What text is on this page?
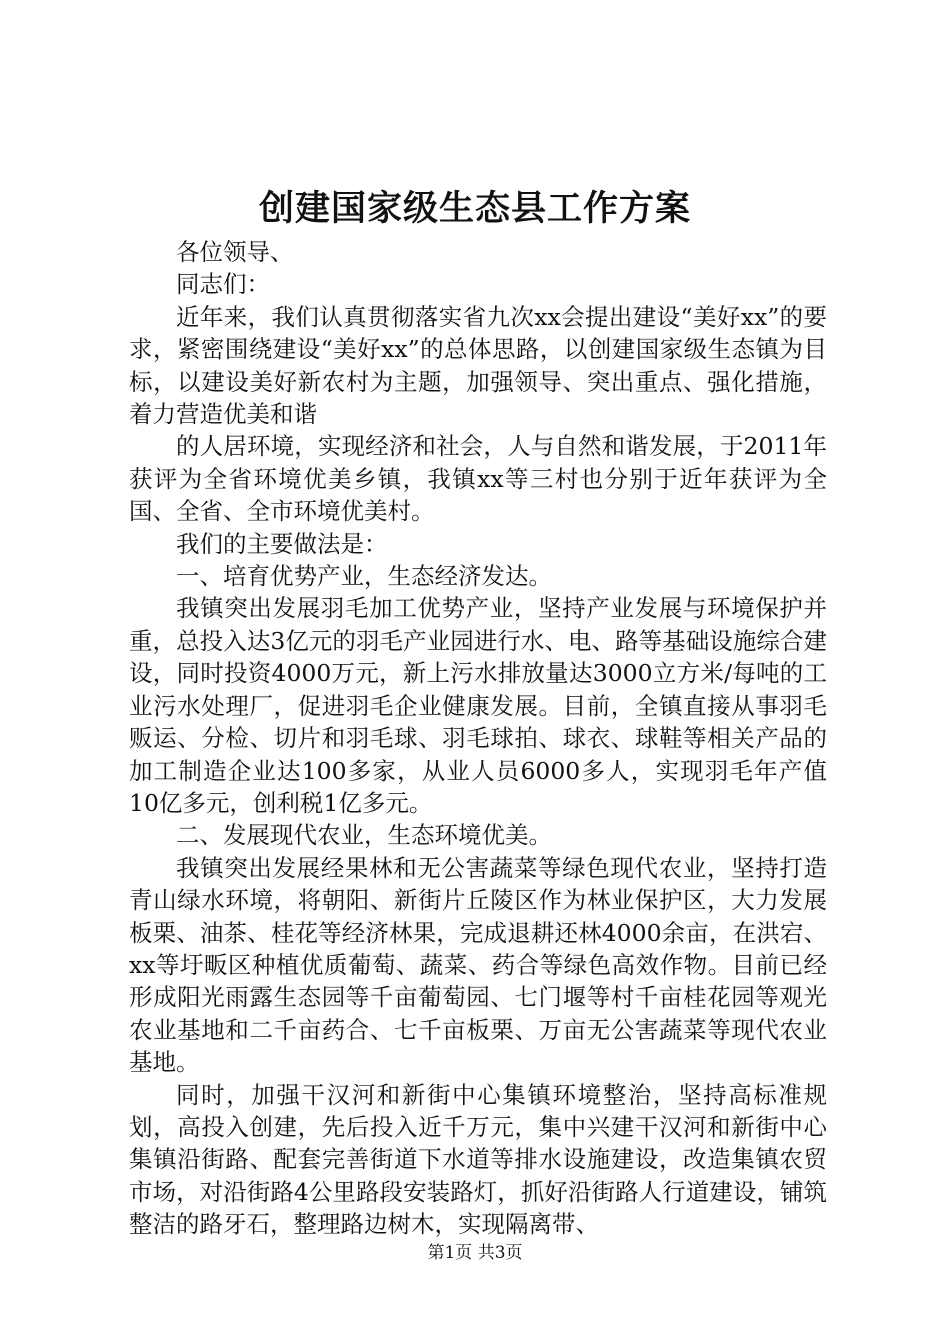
创建国家级生态县工作方案

各位领导、

同志们：

近年来，我们认真贯彻落实省九次xx会提出建设“美好xx”的要求，紧密围绕建设“美好xx”的总体思路，以创建国家级生态镇为目标，以建设美好新农村为主题，加强领导、突出重点、强化措施，着力营造优美和谐

的人居环境，实现经济和社会，人与自然和谐发展，于2011年获评为全省环境优美乡镇，我镇xx等三村也分别于近年获评为全国、全省、全市环境优美村。

我们的主要做法是：

一、培育优势产业，生态经济发达。

我镇突出发展羽毛加工优势产业，坚持产业发展与环境保护并重，总投入达3亿元的羽毛产业园进行水、电、路等基础设施综合建设，同时投资4000万元，新上污水排放量达3000立方米/每吨的工业污水处理厂，促进羽毛企业健康发展。目前，全镇直接从事羽毛贩运、分检、切片和羽毛球、羽毛球拍、球衣、球鞋等相关产品的加工制造企业达100多家，从业人员6000多人，实现羽毛年产值10亿多元，创利税1亿多元。

二、发展现代农业，生态环境优美。

我镇突出发展经果林和无公害蔬菜等绿色现代农业，坚持打造青山绿水环境，将朝阳、新街片丘陵区作为林业保护区，大力发展板栗、油茶、桂花等经济林果，完成退耕还林4000余亩，在洪宕、xx等圩畈区种植优质葡萄、蔬菜、药合等绿色高效作物。目前已经形成阳光雨露生态园等千亩葡萄园、七门堰等村千亩桂花园等观光农业基地和二千亩药合、七千亩板栗、万亩无公害蔬菜等现代农业基地。

同时，加强干汉河和新街中心集镇环境整治，坚持高标准规划，高投入创建，先后投入近千万元，集中兴建干汉河和新街中心集镇沿街路、配套完善街道下水道等排水设施建设，改造集镇农贸市场，对沿街路4公里路段安装路灯，抓好沿街路人行道建设，铺筑整洁的路牙石，整理路边树木，实现隔离带、

第1页 共3页
